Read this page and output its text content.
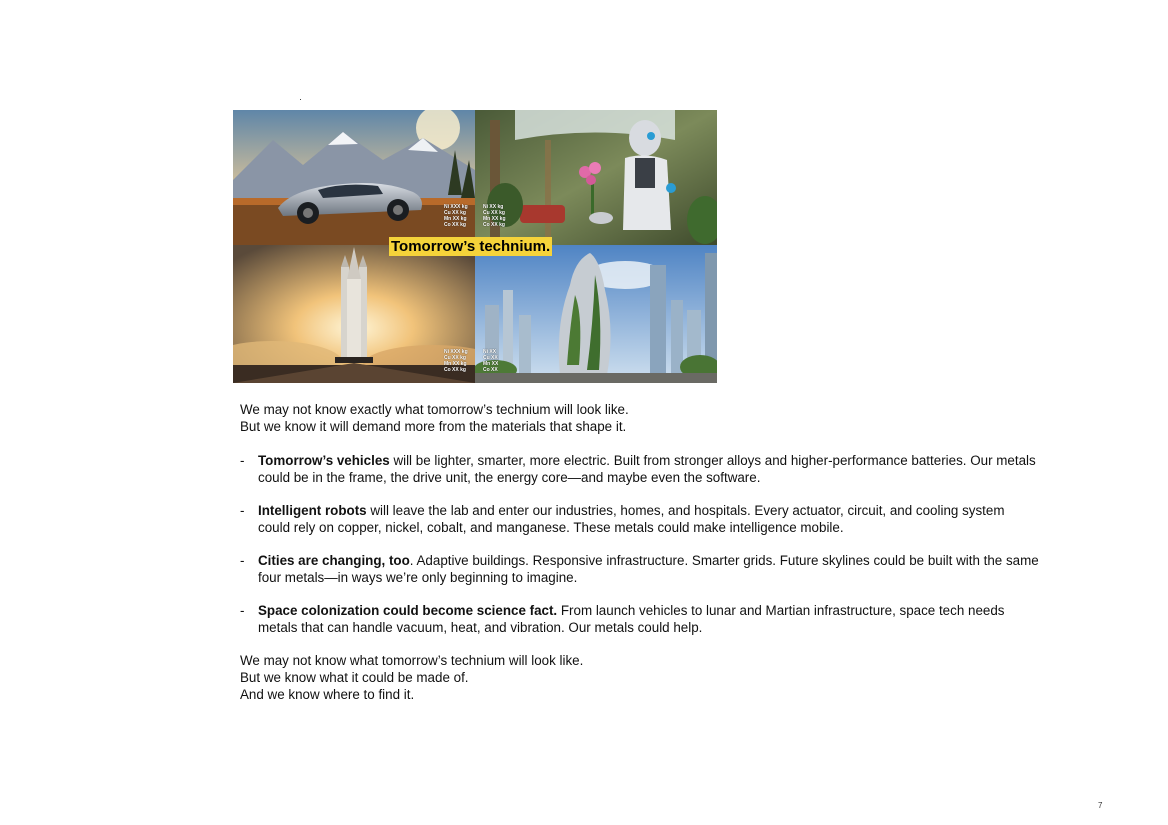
Ni XXX kg
Cu XX kg
Mn XX kg
Co XX kg
Ni XX kg
Cu XX kg
Mn XX kg
Co XX kg
Ni XXX kg
Cu XX kg
Mn XX kg
Co XX kg
Ni XX
Cu XX
Mn XX
Co XX
Tomorrow’s technium.

We may not know exactly what tomorrow’s technium will look like.

But we know it will demand more from the materials that shape it.

- Tomorrow’s vehicles will be lighter, smarter, more electric. Built from stronger alloys and higher-performance batteries. Our metals could be in the frame, the drive unit, the energy core—and maybe even the software.
- Intelligent robots will leave the lab and enter our industries, homes, and hospitals. Every actuator, circuit, and cooling system could rely on copper, nickel, cobalt, and manganese. These metals could make intelligence mobile.
- Cities are changing, too. Adaptive buildings. Responsive infrastructure. Smarter grids. Future skylines could be built with the same four metals—in ways we’re only beginning to imagine.
- Space colonization could become science fact. From launch vehicles to lunar and Martian infrastructure, space tech needs metals that can handle vacuum, heat, and vibration. Our metals could help.

We may not know what tomorrow’s technium will look like.

But we know what it could be made of.

And we know where to find it.

7
